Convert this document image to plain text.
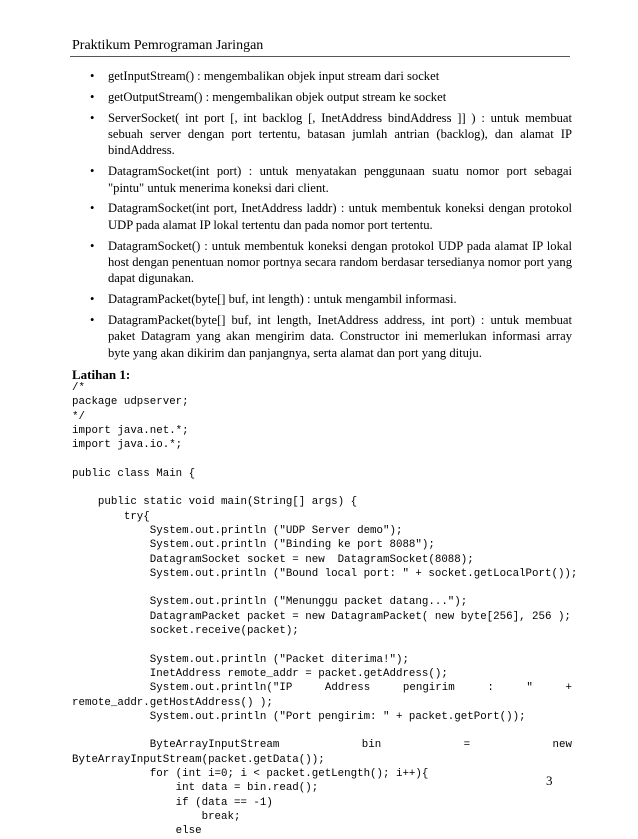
Praktikum Pemrograman Jaringan
• getInputStream() : mengembalikan objek input stream dari socket
• getOutputStream() : mengembalikan objek output stream ke socket
• ServerSocket( int port [, int backlog [, InetAddress bindAddress ]] ) : untuk membuat sebuah server dengan port tertentu, batasan jumlah antrian (backlog), dan alamat IP bindAddress.
• DatagramSocket(int port) : untuk menyatakan penggunaan suatu nomor port sebagai "pintu" untuk menerima koneksi dari client.
• DatagramSocket(int port, InetAddress laddr) : untuk membentuk koneksi dengan protokol UDP pada alamat IP lokal tertentu dan pada nomor port tertentu.
• DatagramSocket() : untuk membentuk koneksi dengan protokol UDP pada alamat IP lokal host dengan penentuan nomor portnya secara random berdasar tersedianya nomor port yang dapat digunakan.
• DatagramPacket(byte[] buf, int length) : untuk mengambil informasi.
• DatagramPacket(byte[] buf, int length, InetAddress address, int port) : untuk membuat paket Datagram yang akan mengirim data. Constructor ini memerlukan informasi array byte yang akan dikirim dan panjangnya, serta alamat dan port yang dituju.
Latihan 1:
/*
package udpserver;
*/
import java.net.*;
import java.io.*;
public class Main {
public static void main(String[] args) {
try{
System.out.println ("UDP Server demo");
System.out.println ("Binding ke port 8088");
DatagramSocket socket = new  DatagramSocket(8088);
System.out.println ("Bound local port: " + socket.getLocalPort());
System.out.println ("Menunggu packet datang...");
DatagramPacket packet = new DatagramPacket( new byte[256], 256 );
socket.receive(packet);
System.out.println ("Packet diterima!");
InetAddress remote_addr = packet.getAddress();
System.out.println("IP	Address	pengirim	:	"	+
remote_addr.getHostAddress() );
System.out.println ("Port pengirim: " + packet.getPort());
ByteArrayInputStream	bin	=	new
ByteArrayInputStream(packet.getData());
for (int i=0; i < packet.getLength(); i++){
int data = bin.read();
if (data == -1)
break;
else
3
